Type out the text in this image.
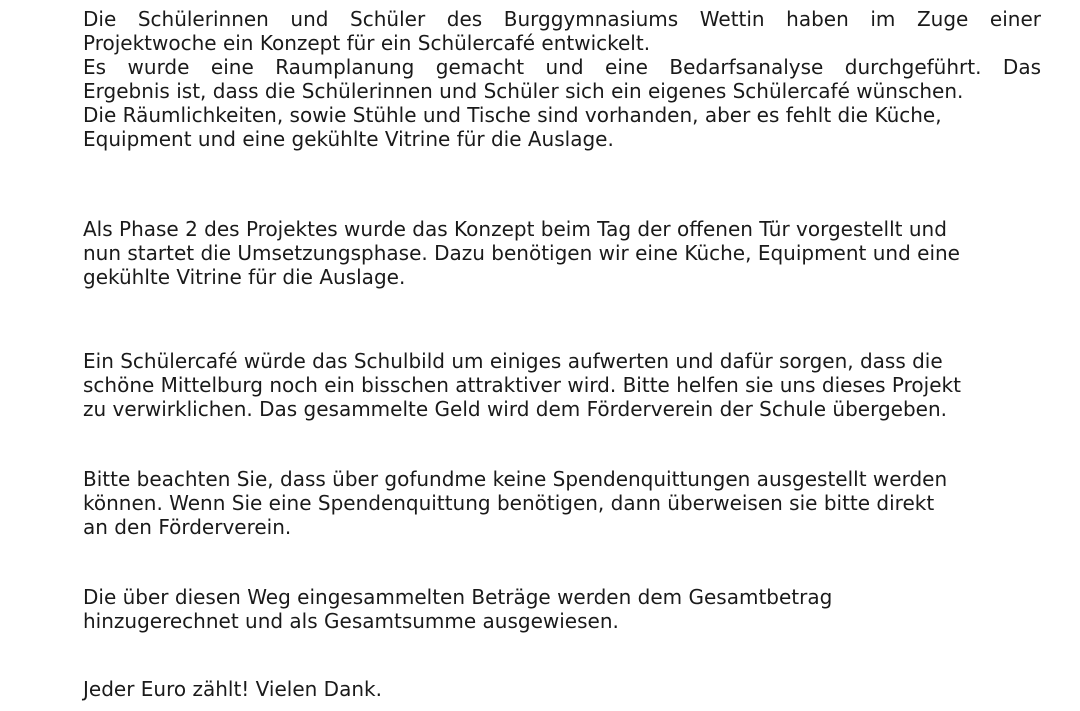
Die Schülerinnen und Schüler des Burggymnasiums Wettin haben im Zuge einer
Projektwoche ein Konzept für ein Schülercafé entwickelt.
Es wurde eine Raumplanung gemacht und eine Bedarfsanalyse durchgeführt. Das
Ergebnis ist, dass die Schülerinnen und Schüler sich ein eigenes Schülercafé wünschen.
Die Räumlichkeiten, sowie Stühle und Tische sind vorhanden, aber es fehlt die Küche,
Equipment und eine gekühlte Vitrine für die Auslage.
Als Phase 2 des Projektes wurde das Konzept beim Tag der offenen Tür vorgestellt und
nun startet die Umsetzungsphase. Dazu benötigen wir eine Küche, Equipment und eine
gekühlte Vitrine für die Auslage.
Ein Schülercafé würde das Schulbild um einiges aufwerten und dafür sorgen, dass die
schöne Mittelburg noch ein bisschen attraktiver wird. Bitte helfen sie uns dieses Projekt
zu verwirklichen. Das gesammelte Geld wird dem Förderverein der Schule übergeben.
Bitte beachten Sie, dass über gofundme keine Spendenquittungen ausgestellt werden
können. Wenn Sie eine Spendenquittung benötigen, dann überweisen sie bitte direkt
an den Förderverein.
Die über diesen Weg eingesammelten Beträge werden dem Gesamtbetrag
hinzugerechnet und als Gesamtsumme ausgewiesen.
Jeder Euro zählt! Vielen Dank.
